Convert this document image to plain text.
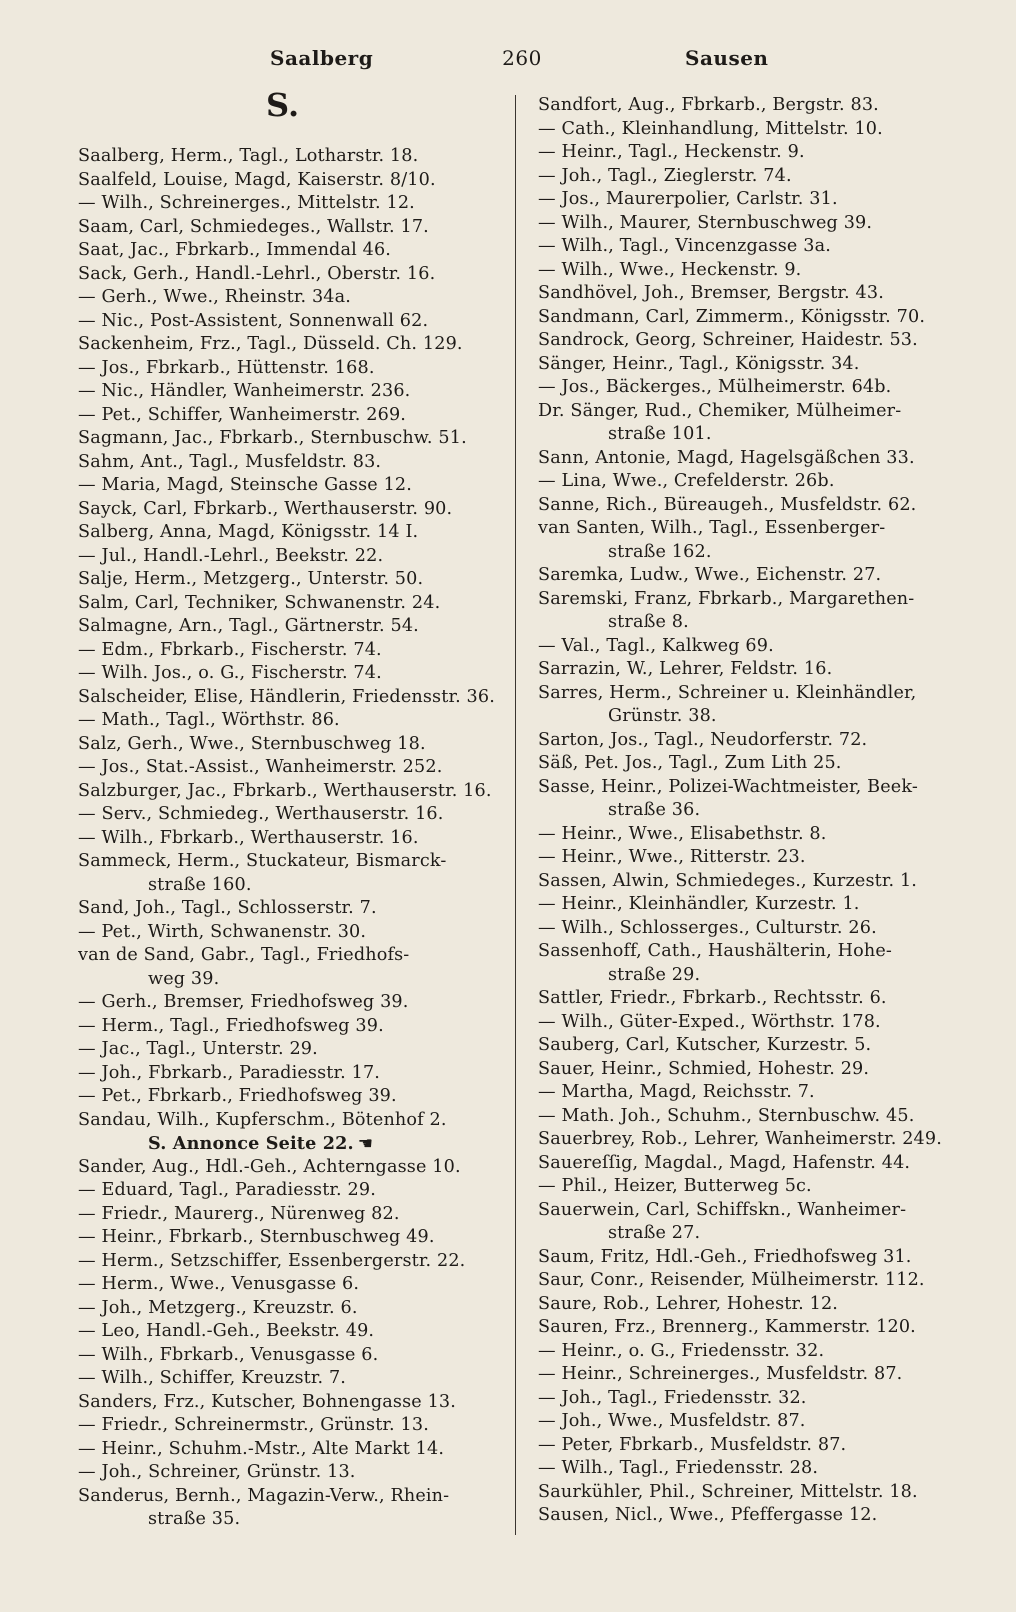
Saalberg	260	Sausen
S.
Saalberg, Herm., Tagl., Lotharstr. 18.
Saalfeld, Louise, Magd, Kaiserstr. 8/10.
— Wilh., Schreinerges., Mittelstr. 12.
Saam, Carl, Schmiedeges., Wallstr. 17.
Saat, Jac., Fbrkarb., Immendal 46.
Sack, Gerh., Handl.-Lehrl., Oberstr. 16.
— Gerh., Wwe., Rheinstr. 34a.
— Nic., Post-Assistent, Sonnenwall 62.
Sackenheim, Frz., Tagl., Düsseld. Ch. 129.
— Jos., Fbrkarb., Hüttenstr. 168.
— Nic., Händler, Wanheimerstr. 236.
— Pet., Schiffer, Wanheimerstr. 269.
Sagmann, Jac., Fbrkarb., Sternbuschw. 51.
Sahm, Ant., Tagl., Musfeldstr. 83.
— Maria, Magd, Steinsche Gasse 12.
Sayck, Carl, Fbrkarb., Werthauserstr. 90.
Salberg, Anna, Magd, Königsstr. 14 I.
— Jul., Handl.-Lehrl., Beekstr. 22.
Salje, Herm., Metzgerg., Unterstr. 50.
Salm, Carl, Techniker, Schwanenstr. 24.
Salmagne, Arn., Tagl., Gärtnerstr. 54.
— Edm., Fbrkarb., Fischerstr. 74.
— Wilh. Jos., o. G., Fischerstr. 74.
Salscheider, Elise, Händlerin, Friedensstr. 36.
— Math., Tagl., Wörthstr. 86.
Salz, Gerh., Wwe., Sternbuschweg 18.
— Jos., Stat.-Assist., Wanheimerstr. 252.
Salzburger, Jac., Fbrkarb., Werthauserstr. 16.
— Serv., Schmiedeg., Werthauserstr. 16.
— Wilh., Fbrkarb., Werthauserstr. 16.
Sammeck, Herm., Stuckateur, Bismarck-
straße 160.
Sand, Joh., Tagl., Schlosserstr. 7.
— Pet., Wirth, Schwanenstr. 30.
van de Sand, Gabr., Tagl., Friedhofs-
weg 39.
— Gerh., Bremser, Friedhofsweg 39.
— Herm., Tagl., Friedhofsweg 39.
— Jac., Tagl., Unterstr. 29.
— Joh., Fbrkarb., Paradiesstr. 17.
— Pet., Fbrkarb., Friedhofsweg 39.
Sandau, Wilh., Kupferschm., Bötenhof 2.
S. Annonce Seite 22. ☚
Sander, Aug., Hdl.-Geh., Achterngasse 10.
— Eduard, Tagl., Paradiesstr. 29.
— Friedr., Maurerg., Nürenweg 82.
— Heinr., Fbrkarb., Sternbuschweg 49.
— Herm., Setzschiffer, Essenbergerstr. 22.
— Herm., Wwe., Venusgasse 6.
— Joh., Metzgerg., Kreuzstr. 6.
— Leo, Handl.-Geh., Beekstr. 49.
— Wilh., Fbrkarb., Venusgasse 6.
— Wilh., Schiffer, Kreuzstr. 7.
Sanders, Frz., Kutscher, Bohnengasse 13.
— Friedr., Schreinermstr., Grünstr. 13.
— Heinr., Schuhm.-Mstr., Alte Markt 14.
— Joh., Schreiner, Grünstr. 13.
Sanderus, Bernh., Magazin-Verw., Rhein-
straße 35.
Sandfort, Aug., Fbrkarb., Bergstr. 83.
— Cath., Kleinhandlung, Mittelstr. 10.
— Heinr., Tagl., Heckenstr. 9.
— Joh., Tagl., Zieglerstr. 74.
— Jos., Maurerpolier, Carlstr. 31.
— Wilh., Maurer, Sternbuschweg 39.
— Wilh., Tagl., Vincenzgasse 3a.
— Wilh., Wwe., Heckenstr. 9.
Sandhövel, Joh., Bremser, Bergstr. 43.
Sandmann, Carl, Zimmerm., Königsstr. 70.
Sandrock, Georg, Schreiner, Haidestr. 53.
Sänger, Heinr., Tagl., Königsstr. 34.
— Jos., Bäckerges., Mülheimerstr. 64b.
Dr. Sänger, Rud., Chemiker, Mülheimer-
straße 101.
Sann, Antonie, Magd, Hagelsgäßchen 33.
— Lina, Wwe., Crefelderstr. 26b.
Sanne, Rich., Büreaugeh., Musfeldstr. 62.
van Santen, Wilh., Tagl., Essenberger-
straße 162.
Saremka, Ludw., Wwe., Eichenstr. 27.
Saremski, Franz, Fbrkarb., Margarethen-
straße 8.
— Val., Tagl., Kalkweg 69.
Sarrazin, W., Lehrer, Feldstr. 16.
Sarres, Herm., Schreiner u. Kleinhändler,
Grünstr. 38.
Sarton, Jos., Tagl., Neudorferstr. 72.
Säß, Pet. Jos., Tagl., Zum Lith 25.
Sasse, Heinr., Polizei-Wachtmeister, Beek-
straße 36.
— Heinr., Wwe., Elisabethstr. 8.
— Heinr., Wwe., Ritterstr. 23.
Sassen, Alwin, Schmiedeges., Kurzestr. 1.
— Heinr., Kleinhändler, Kurzestr. 1.
— Wilh., Schlosserges., Culturstr. 26.
Sassenhoff, Cath., Haushälterin, Hohe-
straße 29.
Sattler, Friedr., Fbrkarb., Rechtsstr. 6.
— Wilh., Güter-Exped., Wörthstr. 178.
Sauberg, Carl, Kutscher, Kurzestr. 5.
Sauer, Heinr., Schmied, Hohestr. 29.
— Martha, Magd, Reichsstr. 7.
— Math. Joh., Schuhm., Sternbuschw. 45.
Sauerbrey, Rob., Lehrer, Wanheimerstr. 249.
Sauereſſig, Magdal., Magd, Hafenstr. 44.
— Phil., Heizer, Butterweg 5c.
Sauerwein, Carl, Schiffskn., Wanheimer-
straße 27.
Saum, Fritz, Hdl.-Geh., Friedhofsweg 31.
Saur, Conr., Reisender, Mülheimerstr. 112.
Saure, Rob., Lehrer, Hohestr. 12.
Sauren, Frz., Brennerg., Kammerstr. 120.
— Heinr., o. G., Friedensstr. 32.
— Heinr., Schreinerges., Musfeldstr. 87.
— Joh., Tagl., Friedensstr. 32.
— Joh., Wwe., Musfeldstr. 87.
— Peter, Fbrkarb., Musfeldstr. 87.
— Wilh., Tagl., Friedensstr. 28.
Saurkühler, Phil., Schreiner, Mittelstr. 18.
Sausen, Nicl., Wwe., Pfeffergasse 12.
